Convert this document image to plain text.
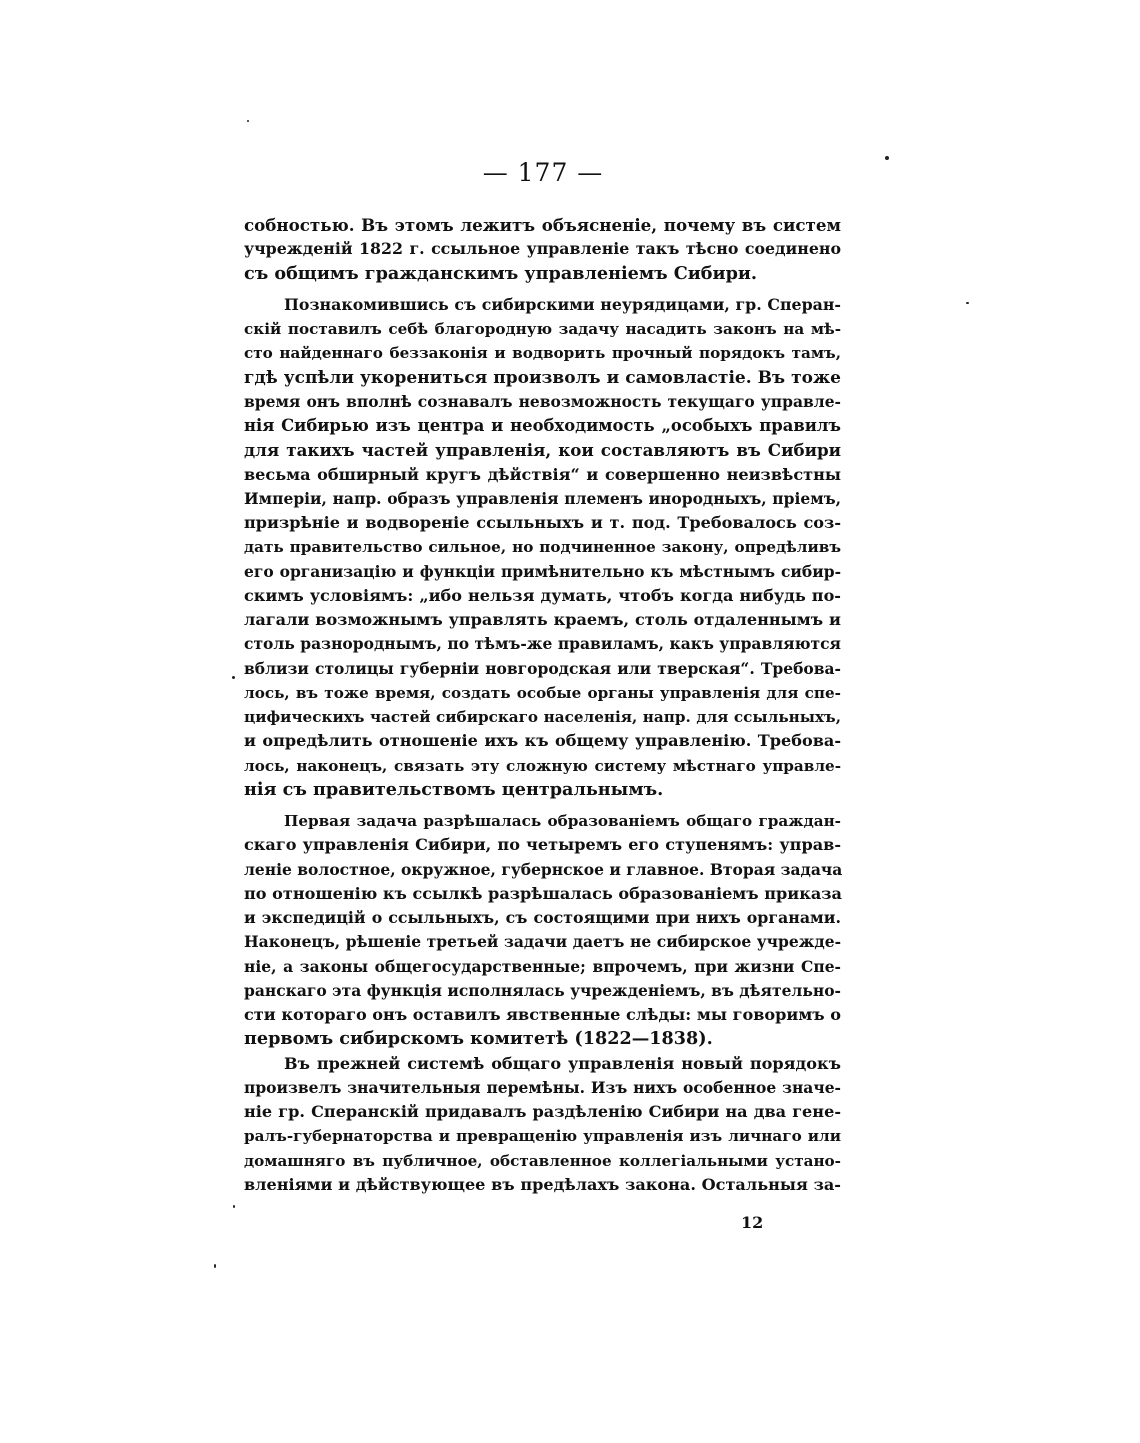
— 177 —
собностью. Въ этомъ лежитъ объясненіе, почему въ систем
учрежденій 1822 г. ссыльное управленіе такъ тѣсно соединено
съ общимъ гражданскимъ управленіемъ Сибири.
Познакомившись съ сибирскими неурядицами, гр. Сперан-
скій поставилъ себѣ благородную задачу насадить законъ на мѣ-
сто найденнаго беззаконія и водворить прочный порядокъ тамъ,
гдѣ успѣли укорениться произволъ и самовластіе. Въ тоже
время онъ вполнѣ сознавалъ невозможность текущаго управле-
нія Сибирью изъ центра и необходимость „особыхъ правилъ
для такихъ частей управленія, кои составляютъ въ Сибири
весьма обширный кругъ дѣйствія“ и совершенно неизвѣстны
Имперіи, напр. образъ управленія племенъ инородныхъ, пріемъ,
призрѣніе и водвореніе ссыльныхъ и т. под. Требовалось соз-
дать правительство сильное, но подчиненное закону, опредѣливъ
его организацію и функціи примѣнительно къ мѣстнымъ сибир-
скимъ условіямъ: „ибо нельзя думать, чтобъ когда нибудь по-
лагали возможнымъ управлять краемъ, столь отдаленнымъ и
столь разнороднымъ, по тѣмъ-же правиламъ, какъ управляются
вблизи столицы губерніи новгородская или тверская“. Требова-
лось, въ тоже время, создать особые органы управленія для спе-
цифическихъ частей сибирскаго населенія, напр. для ссыльныхъ,
и опредѣлить отношеніе ихъ къ общему управленію. Требова-
лось, наконецъ, связать эту сложную систему мѣстнаго управле-
нія съ правительствомъ центральнымъ.
Первая задача разрѣшалась образованіемъ общаго граждан-
скаго управленія Сибири, по четыремъ его ступенямъ: управ-
леніе волостное, окружное, губернское и главное. Вторая задача
по отношенію къ ссылкѣ разрѣшалась образованіемъ приказа
и экспедицій о ссыльныхъ, съ состоящими при нихъ органами.
Наконецъ, рѣшеніе третьей задачи даетъ не сибирское учрежде-
ніе, а законы общегосударственные; впрочемъ, при жизни Спе-
ранскаго эта функція исполнялась учрежденіемъ, въ дѣятельно-
сти котораго онъ оставилъ явственные слѣды: мы говоримъ о
первомъ сибирскомъ комитетѣ (1822—1838).
Въ прежней системѣ общаго управленія новый порядокъ
произвелъ значительныя перемѣны. Изъ нихъ особенное значе-
ніе гр. Сперанскій придавалъ раздѣленію Сибири на два гене-
ралъ-губернаторства и превращенію управленія изъ личнаго или
домашняго въ публичное, обставленное коллегіальными устано-
вленіями и дѣйствующее въ предѣлахъ закона. Остальныя за-
12
